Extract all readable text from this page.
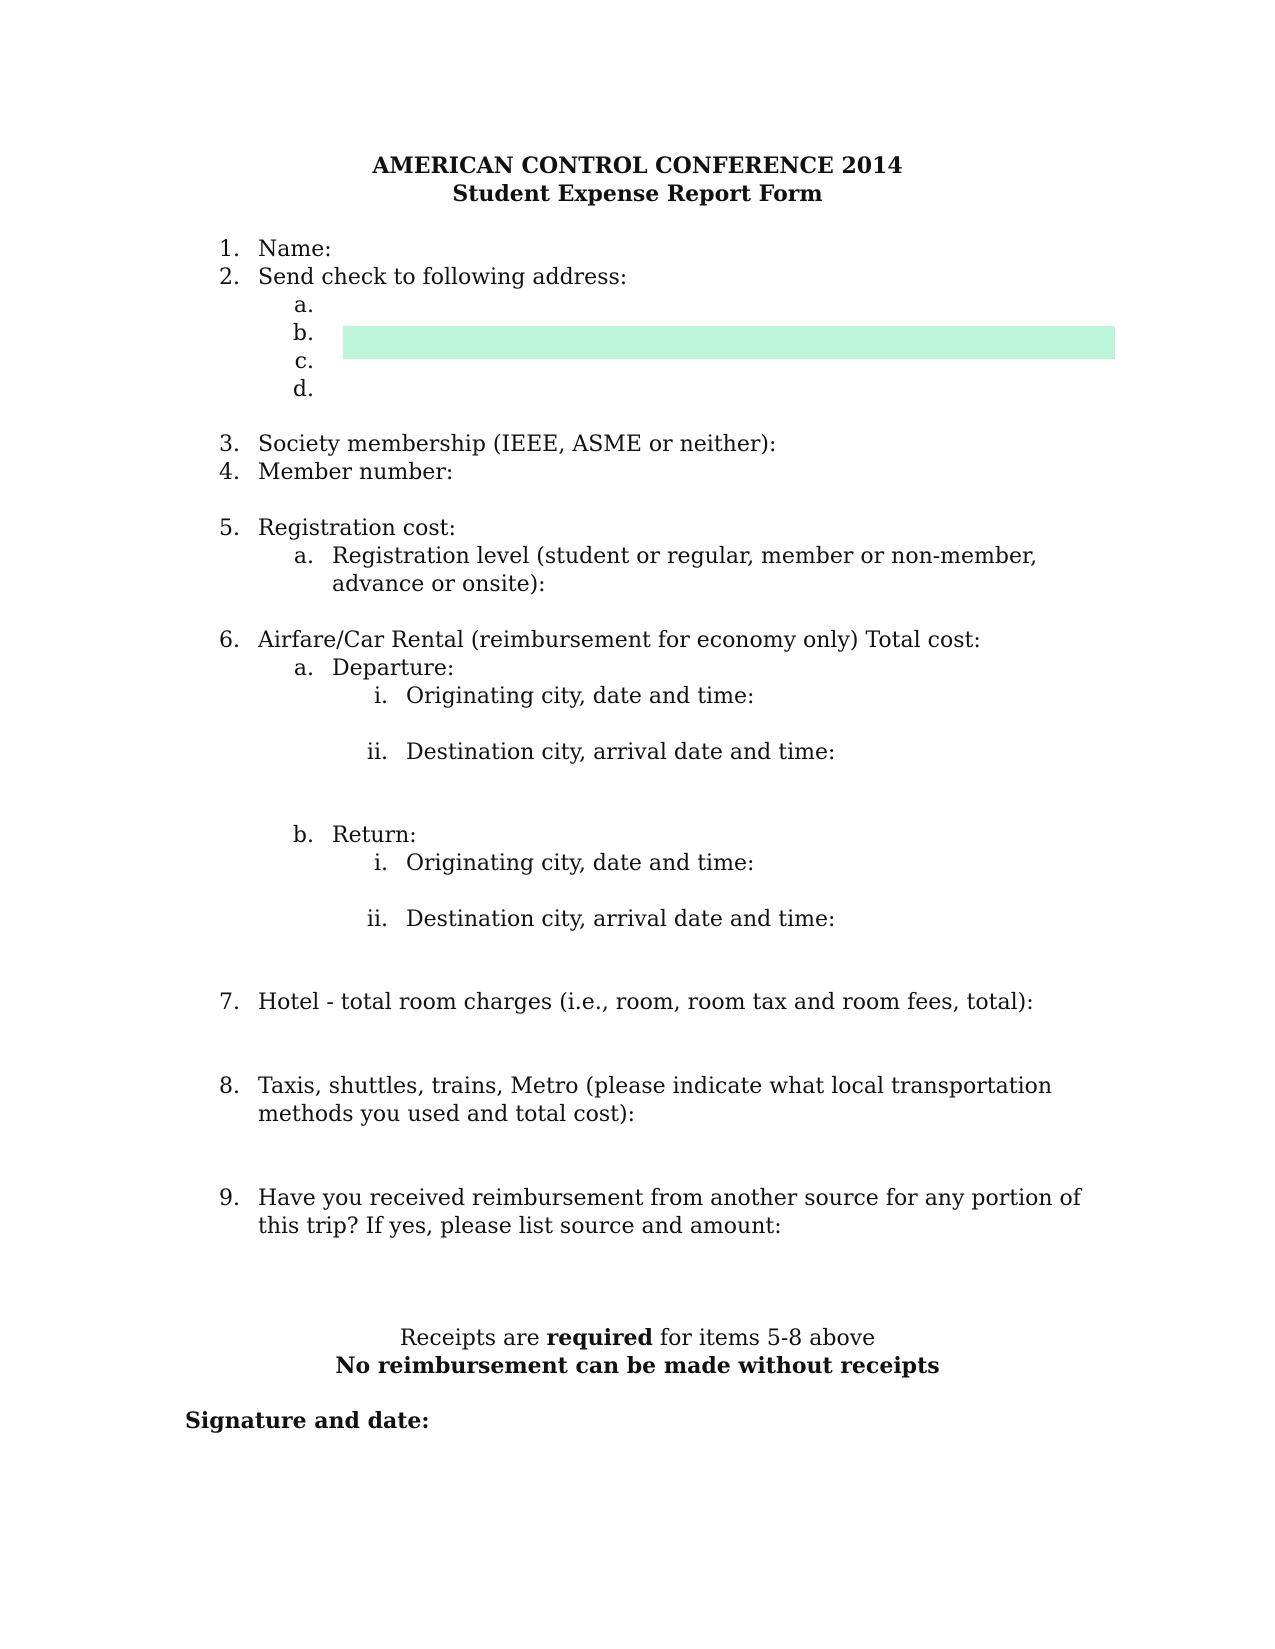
AMERICAN CONTROL CONFERENCE 2014
Student Expense Report Form
1. Name:
2. Send check to following address:
a.
b.
c.
d.
3. Society membership (IEEE, ASME or neither):
4. Member number:
5. Registration cost:
a. Registration level (student or regular, member or non-member,
advance or onsite):
6. Airfare/Car Rental (reimbursement for economy only) Total cost:
a. Departure:
i. Originating city, date and time:
ii. Destination city, arrival date and time:
b. Return:
i. Originating city, date and time:
ii. Destination city, arrival date and time:
7. Hotel - total room charges (i.e., room, room tax and room fees, total):
8. Taxis, shuttles, trains, Metro (please indicate what local transportation
methods you used and total cost):
9. Have you received reimbursement from another source for any portion of
this trip? If yes, please list source and amount:
Receipts are required for items 5-8 above
No reimbursement can be made without receipts
Signature and date:
